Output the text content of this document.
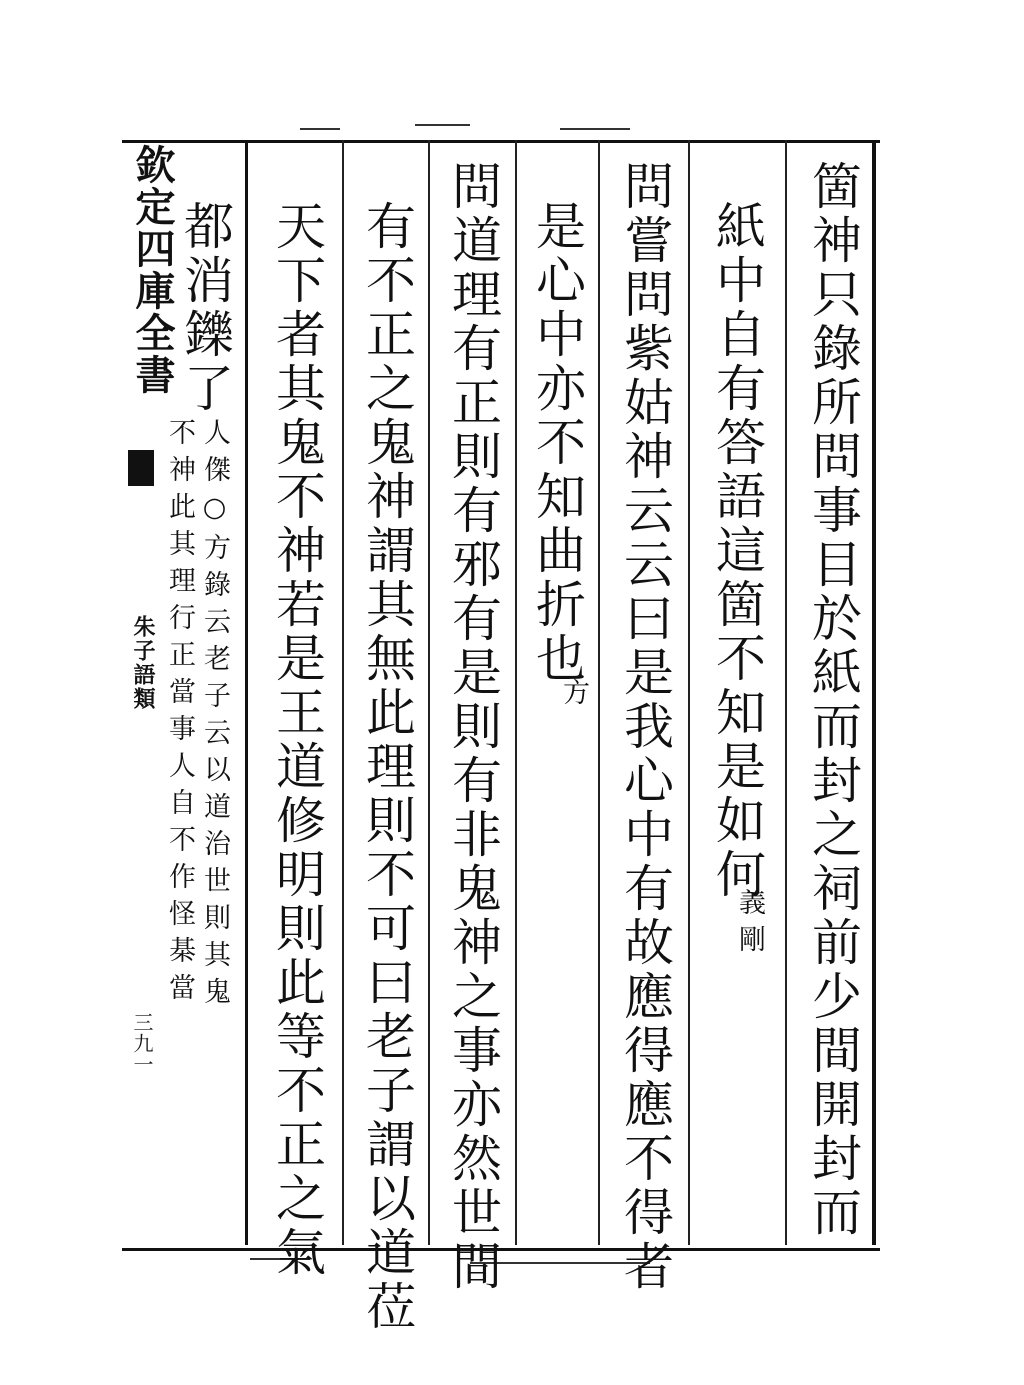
欽定四庫全書
朱子語類
三九一	箇神只錄所問事目於紙而封之祠前少間開封而
紙中自有答語這箇不知是如何
義剛
問嘗問紫姑神云云曰是我心中有故應得應不得者
是心中亦不知曲折也
方
問道理有正則有邪有是則有非鬼神之事亦然世間
有不正之鬼神謂其無此理則不可曰老子謂以道莅
天下者其鬼不神若是王道修明則此等不正之氣
都消鑠了
人傑○方錄云老子云以道治世則其鬼
不神此其理行正當事人自不作怪棊當
